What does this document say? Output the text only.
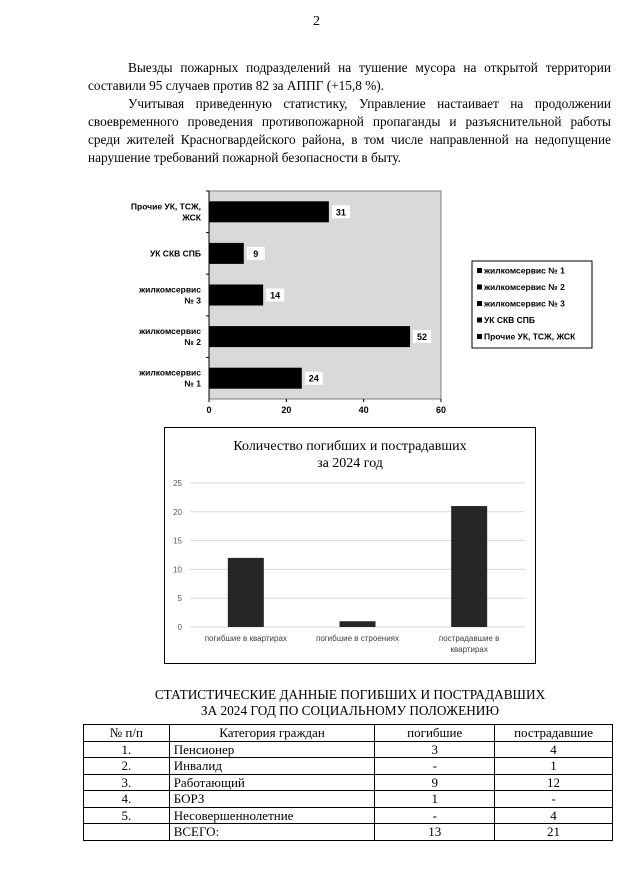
2

Выезды пожарных подразделений на тушение мусора на открытой территории составили 95 случаев против 82 за АППГ (+15,8 %).

Учитывая приведенную статистику, Управление настаивает на продолжении своевременного проведения противопожарной пропаганды и разъяснительной работы среди жителей Красногвардейского района, в том числе направленной на недопущение нарушение требований пожарной безопасности в быту.

24
жилкомсервис
№ 1
52
жилкомсервис
№ 2
14
жилкомсервис
№ 3
9
УК СКВ СПБ
31
Прочие УК, ТСЖ,
ЖСК
0	20	40	60
жилкомсервис № 1
жилкомсервис № 2
жилкомсервис № 3
УК СКВ СПБ
Прочие УК, ТСЖ, ЖСК
Количество погибших и пострадавших
за 2024 год
0
5
10
15
20
25
погибшие в квартирах	погибшие в строениях	пострадавшие в
квартирах
СТАТИСТИЧЕСКИЕ ДАННЫЕ ПОГИБШИХ И ПОСТРАДАВШИХ
ЗА 2024 ГОД ПО СОЦИАЛЬНОМУ ПОЛОЖЕНИЮ
№ п/п	Категория граждан	погибшие	пострадавшие
1.	Пенсионер	3	4
2.	Инвалид	-	1
3.	Работающий	9	12
4.	БОРЗ	1	-
5.	Несовершеннолетние	-	4
	ВСЕГО:	13	21
